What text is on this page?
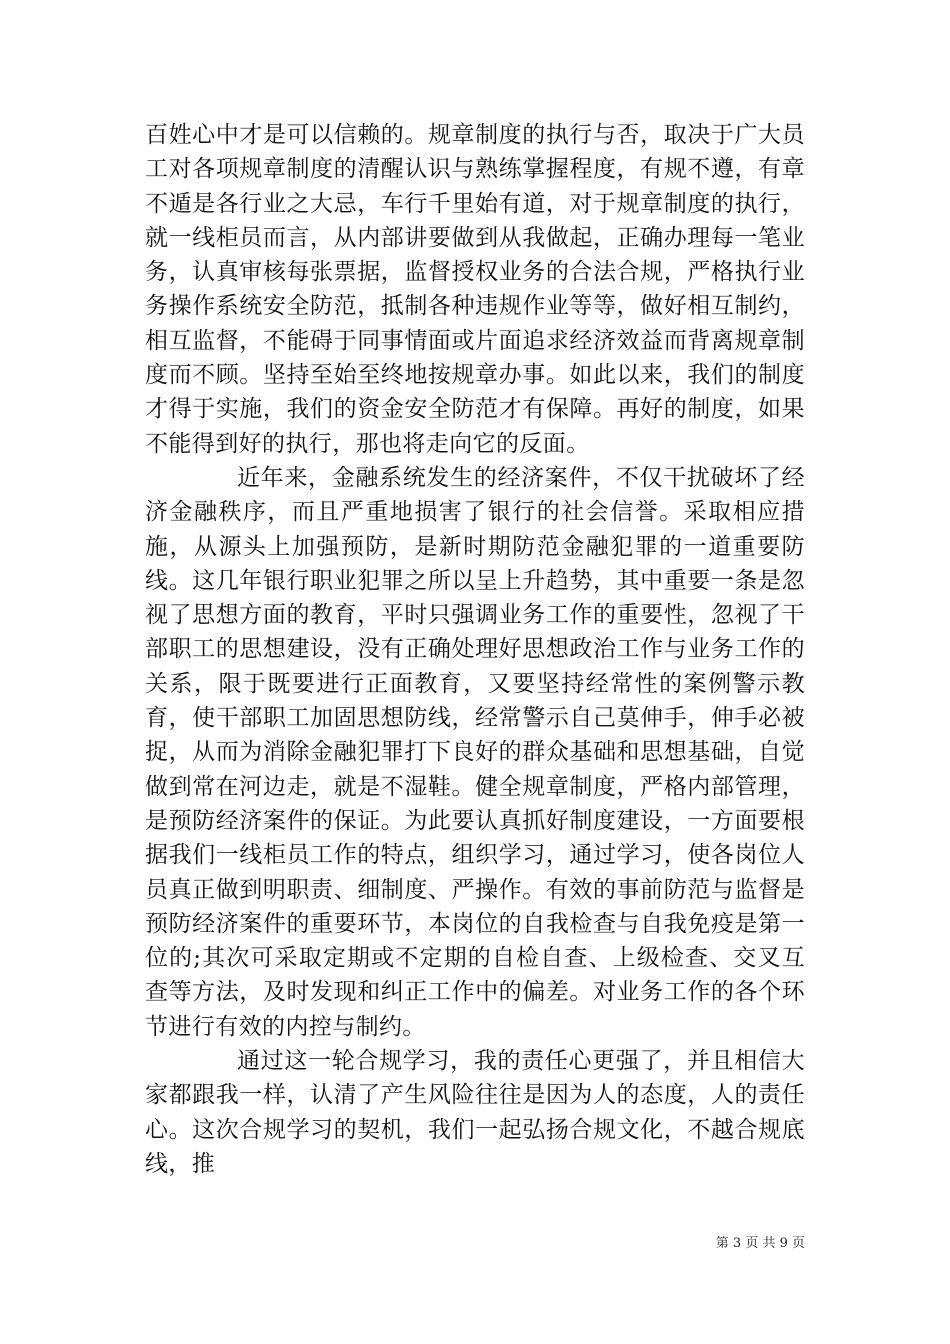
百姓心中才是可以信赖的。规章制度的执行与否，取决于广大员工对各项规章制度的清醒认识与熟练掌握程度，有规不遵，有章不遁是各行业之大忌，车行千里始有道，对于规章制度的执行，就一线柜员而言，从内部讲要做到从我做起，正确办理每一笔业务，认真审核每张票据，监督授权业务的合法合规，严格执行业务操作系统安全防范，抵制各种违规作业等等，做好相互制约，相互监督，不能碍于同事情面或片面追求经济效益而背离规章制度而不顾。坚持至始至终地按规章办事。如此以来，我们的制度才得于实施，我们的资金安全防范才有保障。再好的制度，如果不能得到好的执行，那也将走向它的反面。

近年来，金融系统发生的经济案件，不仅干扰破坏了经济金融秩序，而且严重地损害了银行的社会信誉。采取相应措施，从源头上加强预防，是新时期防范金融犯罪的一道重要防线。这几年银行职业犯罪之所以呈上升趋势，其中重要一条是忽视了思想方面的教育，平时只强调业务工作的重要性，忽视了干部职工的思想建设，没有正确处理好思想政治工作与业务工作的关系，限于既要进行正面教育，又要坚持经常性的案例警示教育，使干部职工加固思想防线，经常警示自己莫伸手，伸手必被捉，从而为消除金融犯罪打下良好的群众基础和思想基础，自觉做到常在河边走，就是不湿鞋。健全规章制度，严格内部管理，是预防经济案件的保证。为此要认真抓好制度建设，一方面要根据我们一线柜员工作的特点，组织学习，通过学习，使各岗位人员真正做到明职责、细制度、严操作。有效的事前防范与监督是预防经济案件的重要环节，本岗位的自我检查与自我免疫是第一位的;其次可采取定期或不定期的自检自查、上级检查、交叉互查等方法，及时发现和纠正工作中的偏差。对业务工作的各个环节进行有效的内控与制约。

通过这一轮合规学习，我的责任心更强了，并且相信大家都跟我一样，认清了产生风险往往是因为人的态度，人的责任心。这次合规学习的契机，我们一起弘扬合规文化，不越合规底线，推

第 3 页 共 9 页
